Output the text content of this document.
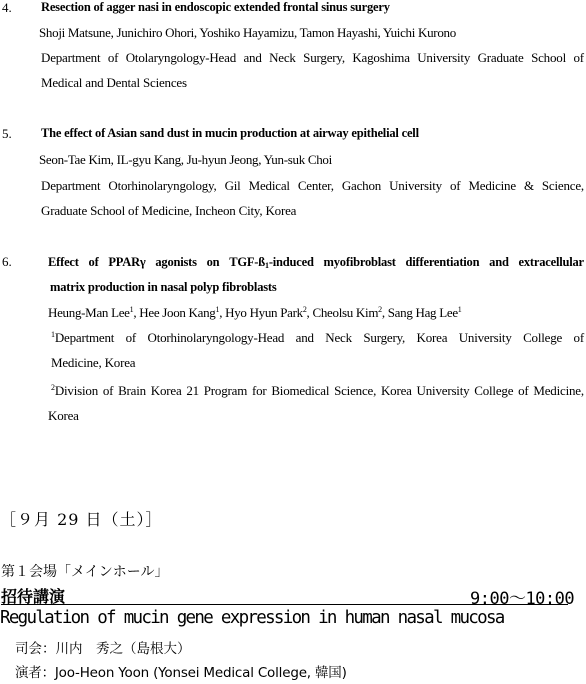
4. Resection of agger nasi in endoscopic extended frontal sinus surgery
Shoji Matsune, Junichiro Ohori, Yoshiko Hayamizu, Tamon Hayashi, Yuichi Kurono
Department of Otolaryngology-Head and Neck Surgery, Kagoshima University Graduate School of
Medical and Dental Sciences
5. The effect of Asian sand dust in mucin production at airway epithelial cell
Seon-Tae Kim, IL-gyu Kang, Ju-hyun Jeong, Yun-suk Choi
Department Otorhinolaryngology, Gil Medical Center, Gachon University of Medicine & Science,
Graduate School of Medicine, Incheon City, Korea
6.	Effect of PPARγ agonists on TGF-$ß_1$-induced myofibroblast differentiation and extracellular
matrix production in nasal polyp fibroblasts
Heung-Man Lee$^1$, Hee Joon Kang$^1$, Hyo Hyun Park$^2$, Cheolsu Kim$^2$, Sang Hag Lee$^1$
$^1$Department of Otorhinolaryngology-Head and Neck Surgery, Korea University College of
Medicine, Korea
$^2$Division of Brain Korea 21 Program for Biomedical Science, Korea University College of Medicine,
Korea
［９月 29 日（土）］
第１会場「メインホール」
招待講演	9:00〜10:00
Regulation of mucin gene expression in human nasal mucosa
司会：川内　秀之（島根大）
演者：Joo-Heon Yoon (Yonsei Medical College, 韓国)
